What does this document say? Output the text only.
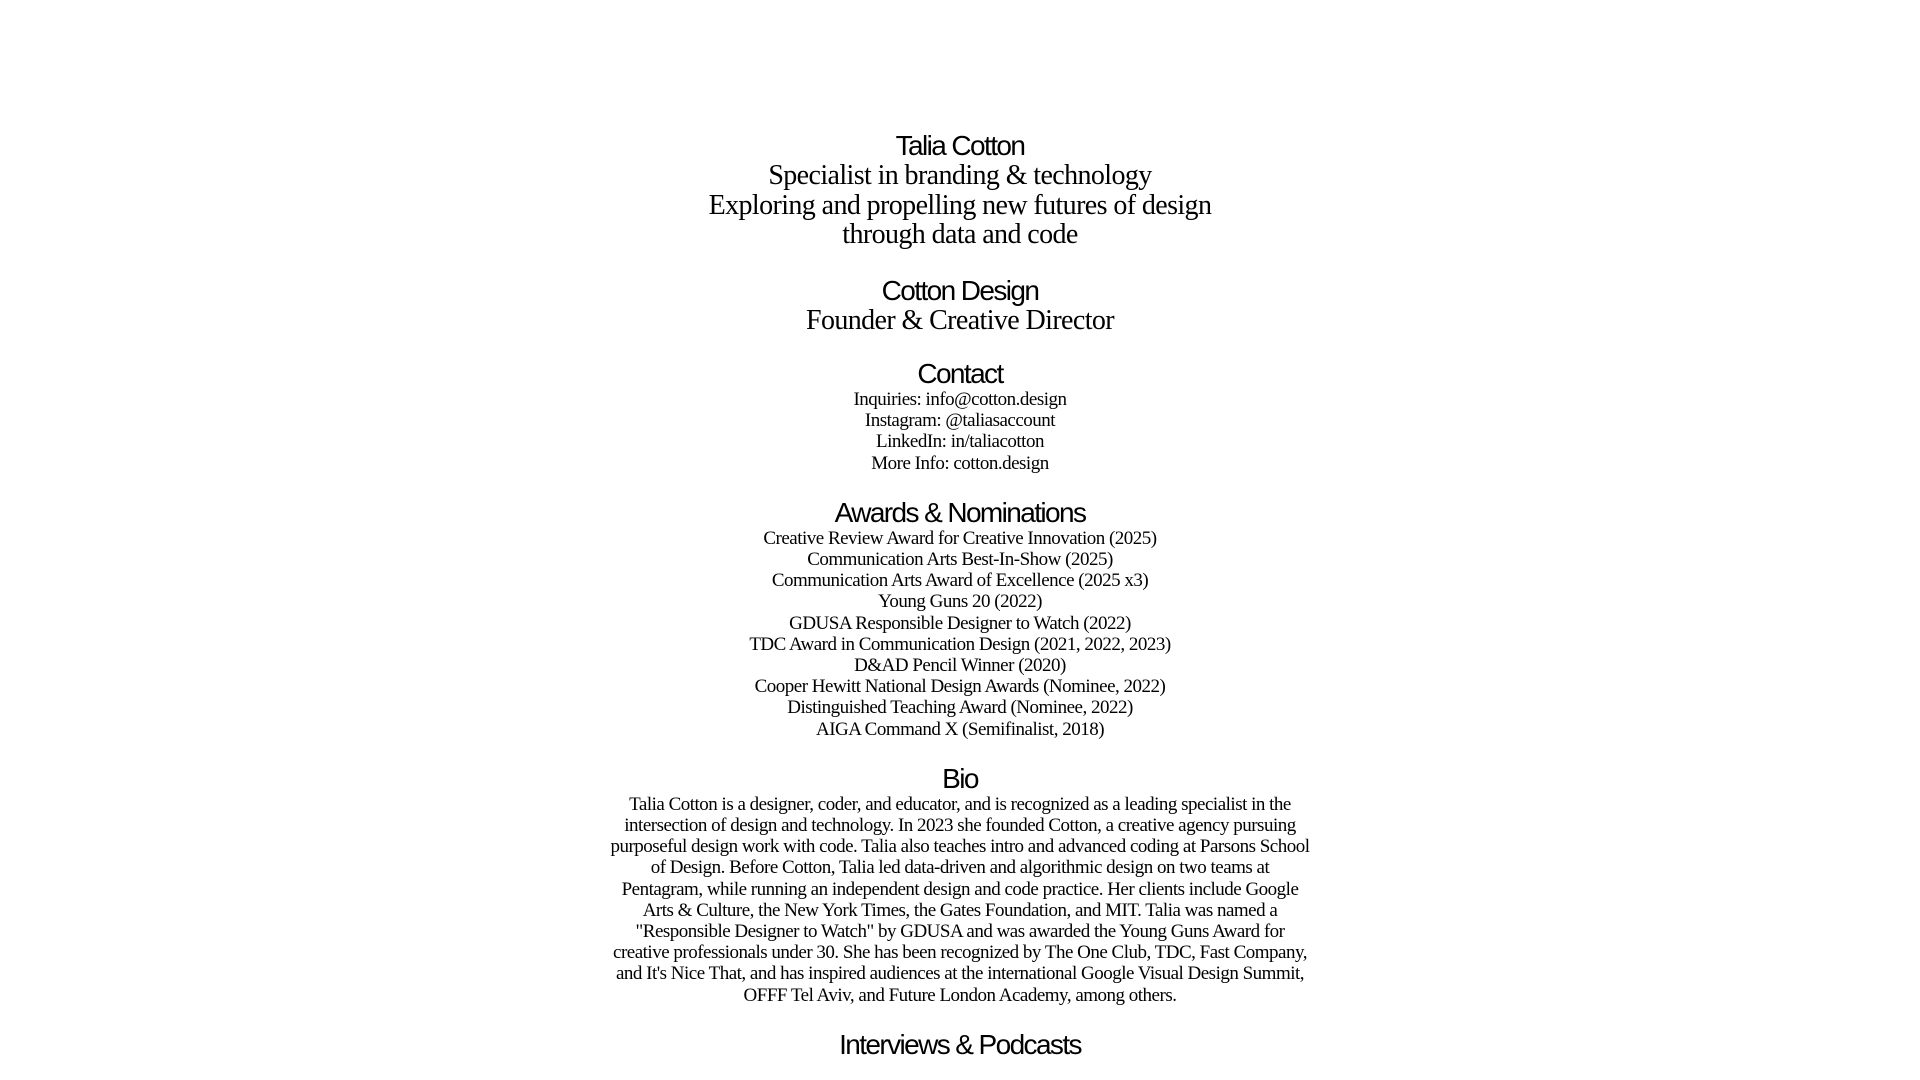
Talia Cotton

Specialist in branding & technology

Exploring and propelling new futures of design

through data and code

Cotton Design

Founder & Creative Director

Contact
Inquiries: info@cotton.design
Instagram: @taliasaccount
LinkedIn: in/taliacotton
More Info: cotton.design
Awards & Nominations
Creative Review Award for Creative Innovation (2025)
Communication Arts Best-In-Show (2025)
Communication Arts Award of Excellence (2025 x3)
Young Guns 20 (2022)
GDUSA Responsible Designer to Watch (2022)
TDC Award in Communication Design (2021, 2022, 2023)
D&AD Pencil Winner (2020)
Cooper Hewitt National Design Awards (Nominee, 2022)
Distinguished Teaching Award (Nominee, 2022)
AIGA Command X (Semifinalist, 2018)
Bio

Talia Cotton is a designer, coder, and educator, and is recognized as a leading specialist in the intersection of design and technology. In 2023 she founded Cotton, a creative agency pursuing purposeful design work with code. Talia also teaches intro and advanced coding at Parsons School of Design. Before Cotton, Talia led data-driven and algorithmic design on two teams at Pentagram, while running an independent design and code practice. Her clients include Google Arts & Culture, the New York Times, the Gates Foundation, and MIT. Talia was named a "Responsible Designer to Watch" by GDUSA and was awarded the Young Guns Award for creative professionals under 30. She has been recognized by The One Club, TDC, Fast Company, and It's Nice That, and has inspired audiences at the international Google Visual Design Summit, OFFF Tel Aviv, and Future London Academy, among others.

Interviews & Podcasts
